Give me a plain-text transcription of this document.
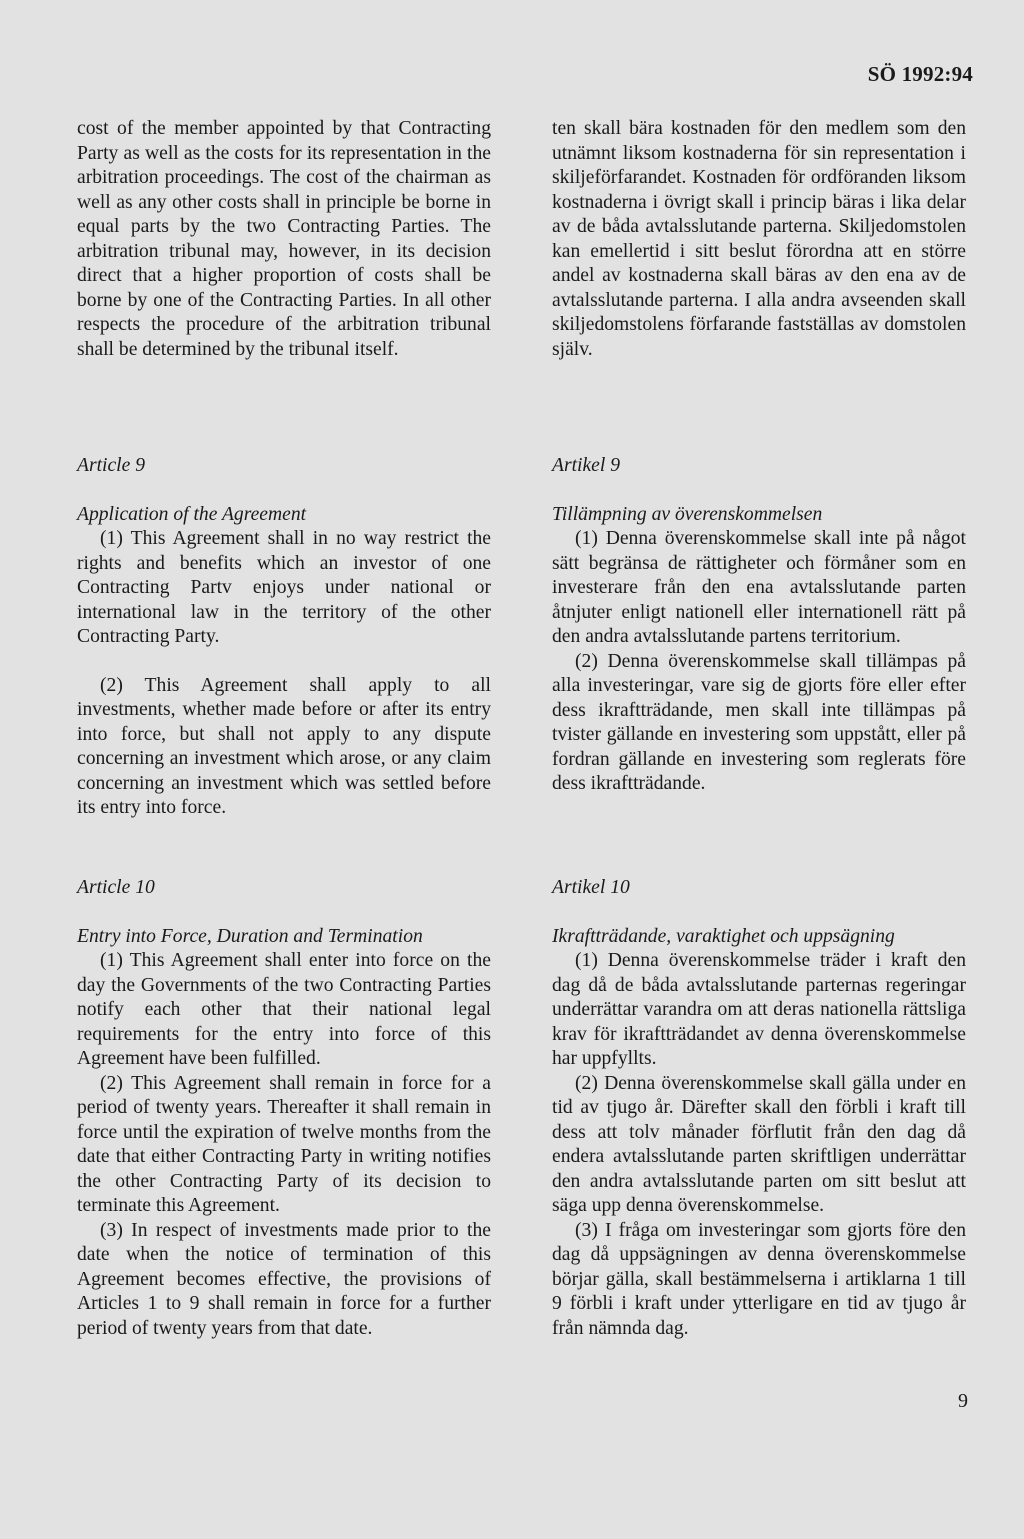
SÖ 1992:94

cost of the member appointed by that Contracting Party as well as the costs for its representation in the arbitration proceedings. The cost of the chairman as well as any other costs shall in principle be borne in equal parts by the two Contracting Parties. The arbitration tribunal may, however, in its decision direct that a higher proportion of costs shall be borne by one of the Contracting Parties. In all other respects the procedure of the arbitration tribunal shall be determined by the tribunal itself.

ten skall bära kostnaden för den medlem som den utnämnt liksom kostnaderna för sin representation i skiljeförfarandet. Kostnaden för ordföranden liksom kostnaderna i övrigt skall i princip bäras i lika delar av de båda avtalsslutande parterna. Skiljedomstolen kan emellertid i sitt beslut förordna att en större andel av kostnaderna skall bäras av den ena av de avtalsslutande parterna. I alla andra avseenden skall skiljedomstolens förfarande fastställas av domstolen själv.

Article 9

Application of the Agreement

(1) This Agreement shall in no way restrict the rights and benefits which an investor of one Contracting Partv enjoys under national or international law in the territory of the other Contracting Party.

(2) This Agreement shall apply to all investments, whether made before or after its entry into force, but shall not apply to any dispute concerning an investment which arose, or any claim concerning an investment which was settled before its entry into force.

Artikel 9

Tillämpning av överenskommelsen

(1) Denna överenskommelse skall inte på något sätt begränsa de rättigheter och förmåner som en investerare från den ena avtalsslutande parten åtnjuter enligt nationell eller internationell rätt på den andra avtalsslutande partens territorium.

(2) Denna överenskommelse skall tillämpas på alla investeringar, vare sig de gjorts före eller efter dess ikraftträdande, men skall inte tillämpas på tvister gällande en investering som uppstått, eller på fordran gällande en investering som reglerats före dess ikraftträdande.

Article 10

Entry into Force, Duration and Termination

(1) This Agreement shall enter into force on the day the Governments of the two Contracting Parties notify each other that their national legal requirements for the entry into force of this Agreement have been fulfilled.

(2) This Agreement shall remain in force for a period of twenty years. Thereafter it shall remain in force until the expiration of twelve months from the date that either Contracting Party in writing notifies the other Contracting Party of its decision to terminate this Agreement.

(3) In respect of investments made prior to the date when the notice of termination of this Agreement becomes effective, the provisions of Articles 1 to 9 shall remain in force for a further period of twenty years from that date.

Artikel 10

Ikraftträdande, varaktighet och uppsägning

(1) Denna överenskommelse träder i kraft den dag då de båda avtalsslutande parternas regeringar underrättar varandra om att deras nationella rättsliga krav för ikraftträdandet av denna överenskommelse har uppfyllts.

(2) Denna överenskommelse skall gälla under en tid av tjugo år. Därefter skall den förbli i kraft till dess att tolv månader förflutit från den dag då endera avtalsslutande parten skriftligen underrättar den andra avtalsslutande parten om sitt beslut att säga upp denna överenskommelse.

(3) I fråga om investeringar som gjorts före den dag då uppsägningen av denna överenskommelse börjar gälla, skall bestämmelserna i artiklarna 1 till 9 förbli i kraft under ytterligare en tid av tjugo år från nämnda dag.

9
